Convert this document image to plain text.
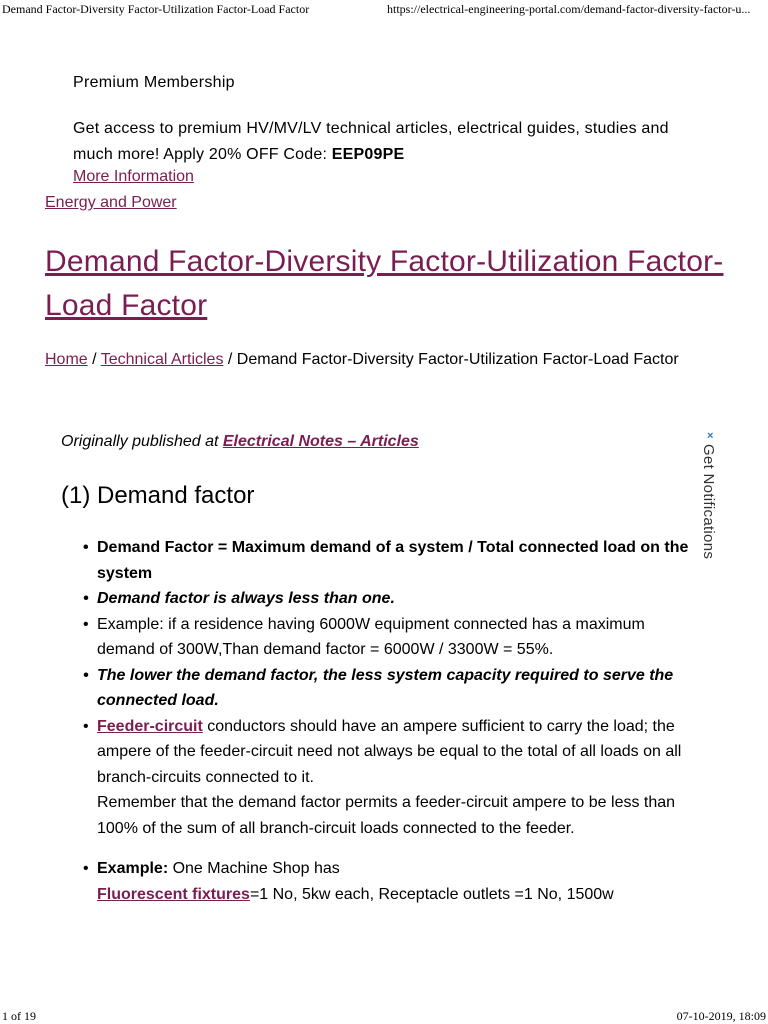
Demand Factor-Diversity Factor-Utilization Factor-Load Factor	https://electrical-engineering-portal.com/demand-factor-diversity-factor-u...
Premium Membership
Get access to premium HV/MV/LV technical articles, electrical guides, studies and much more! Apply 20% OFF Code: EEP09PE
More Information
Energy and Power
Demand Factor-Diversity Factor-Utilization Factor-Load Factor
Home / Technical Articles / Demand Factor-Diversity Factor-Utilization Factor-Load Factor
Originally published at Electrical Notes – Articles	×
Get Notifications
(1) Demand factor
• Demand Factor = Maximum demand of a system / Total connected load on the system
• Demand factor is always less than one.
• Example: if a residence having 6000W equipment connected has a maximum demand of 300W,Than demand factor = 6000W / 3300W = 55%.
• The lower the demand factor, the less system capacity required to serve the connected load.
• Feeder-circuit conductors should have an ampere sufficient to carry the load; the ampere of the feeder-circuit need not always be equal to the total of all loads on all branch-circuits connected to it.
Remember that the demand factor permits a feeder-circuit ampere to be less than 100% of the sum of all branch-circuit loads connected to the feeder.
• Example: One Machine Shop has
Fluorescent fixtures=1 No, 5kw each, Receptacle outlets =1 No, 1500w
1 of 19	07-10-2019, 18:09
